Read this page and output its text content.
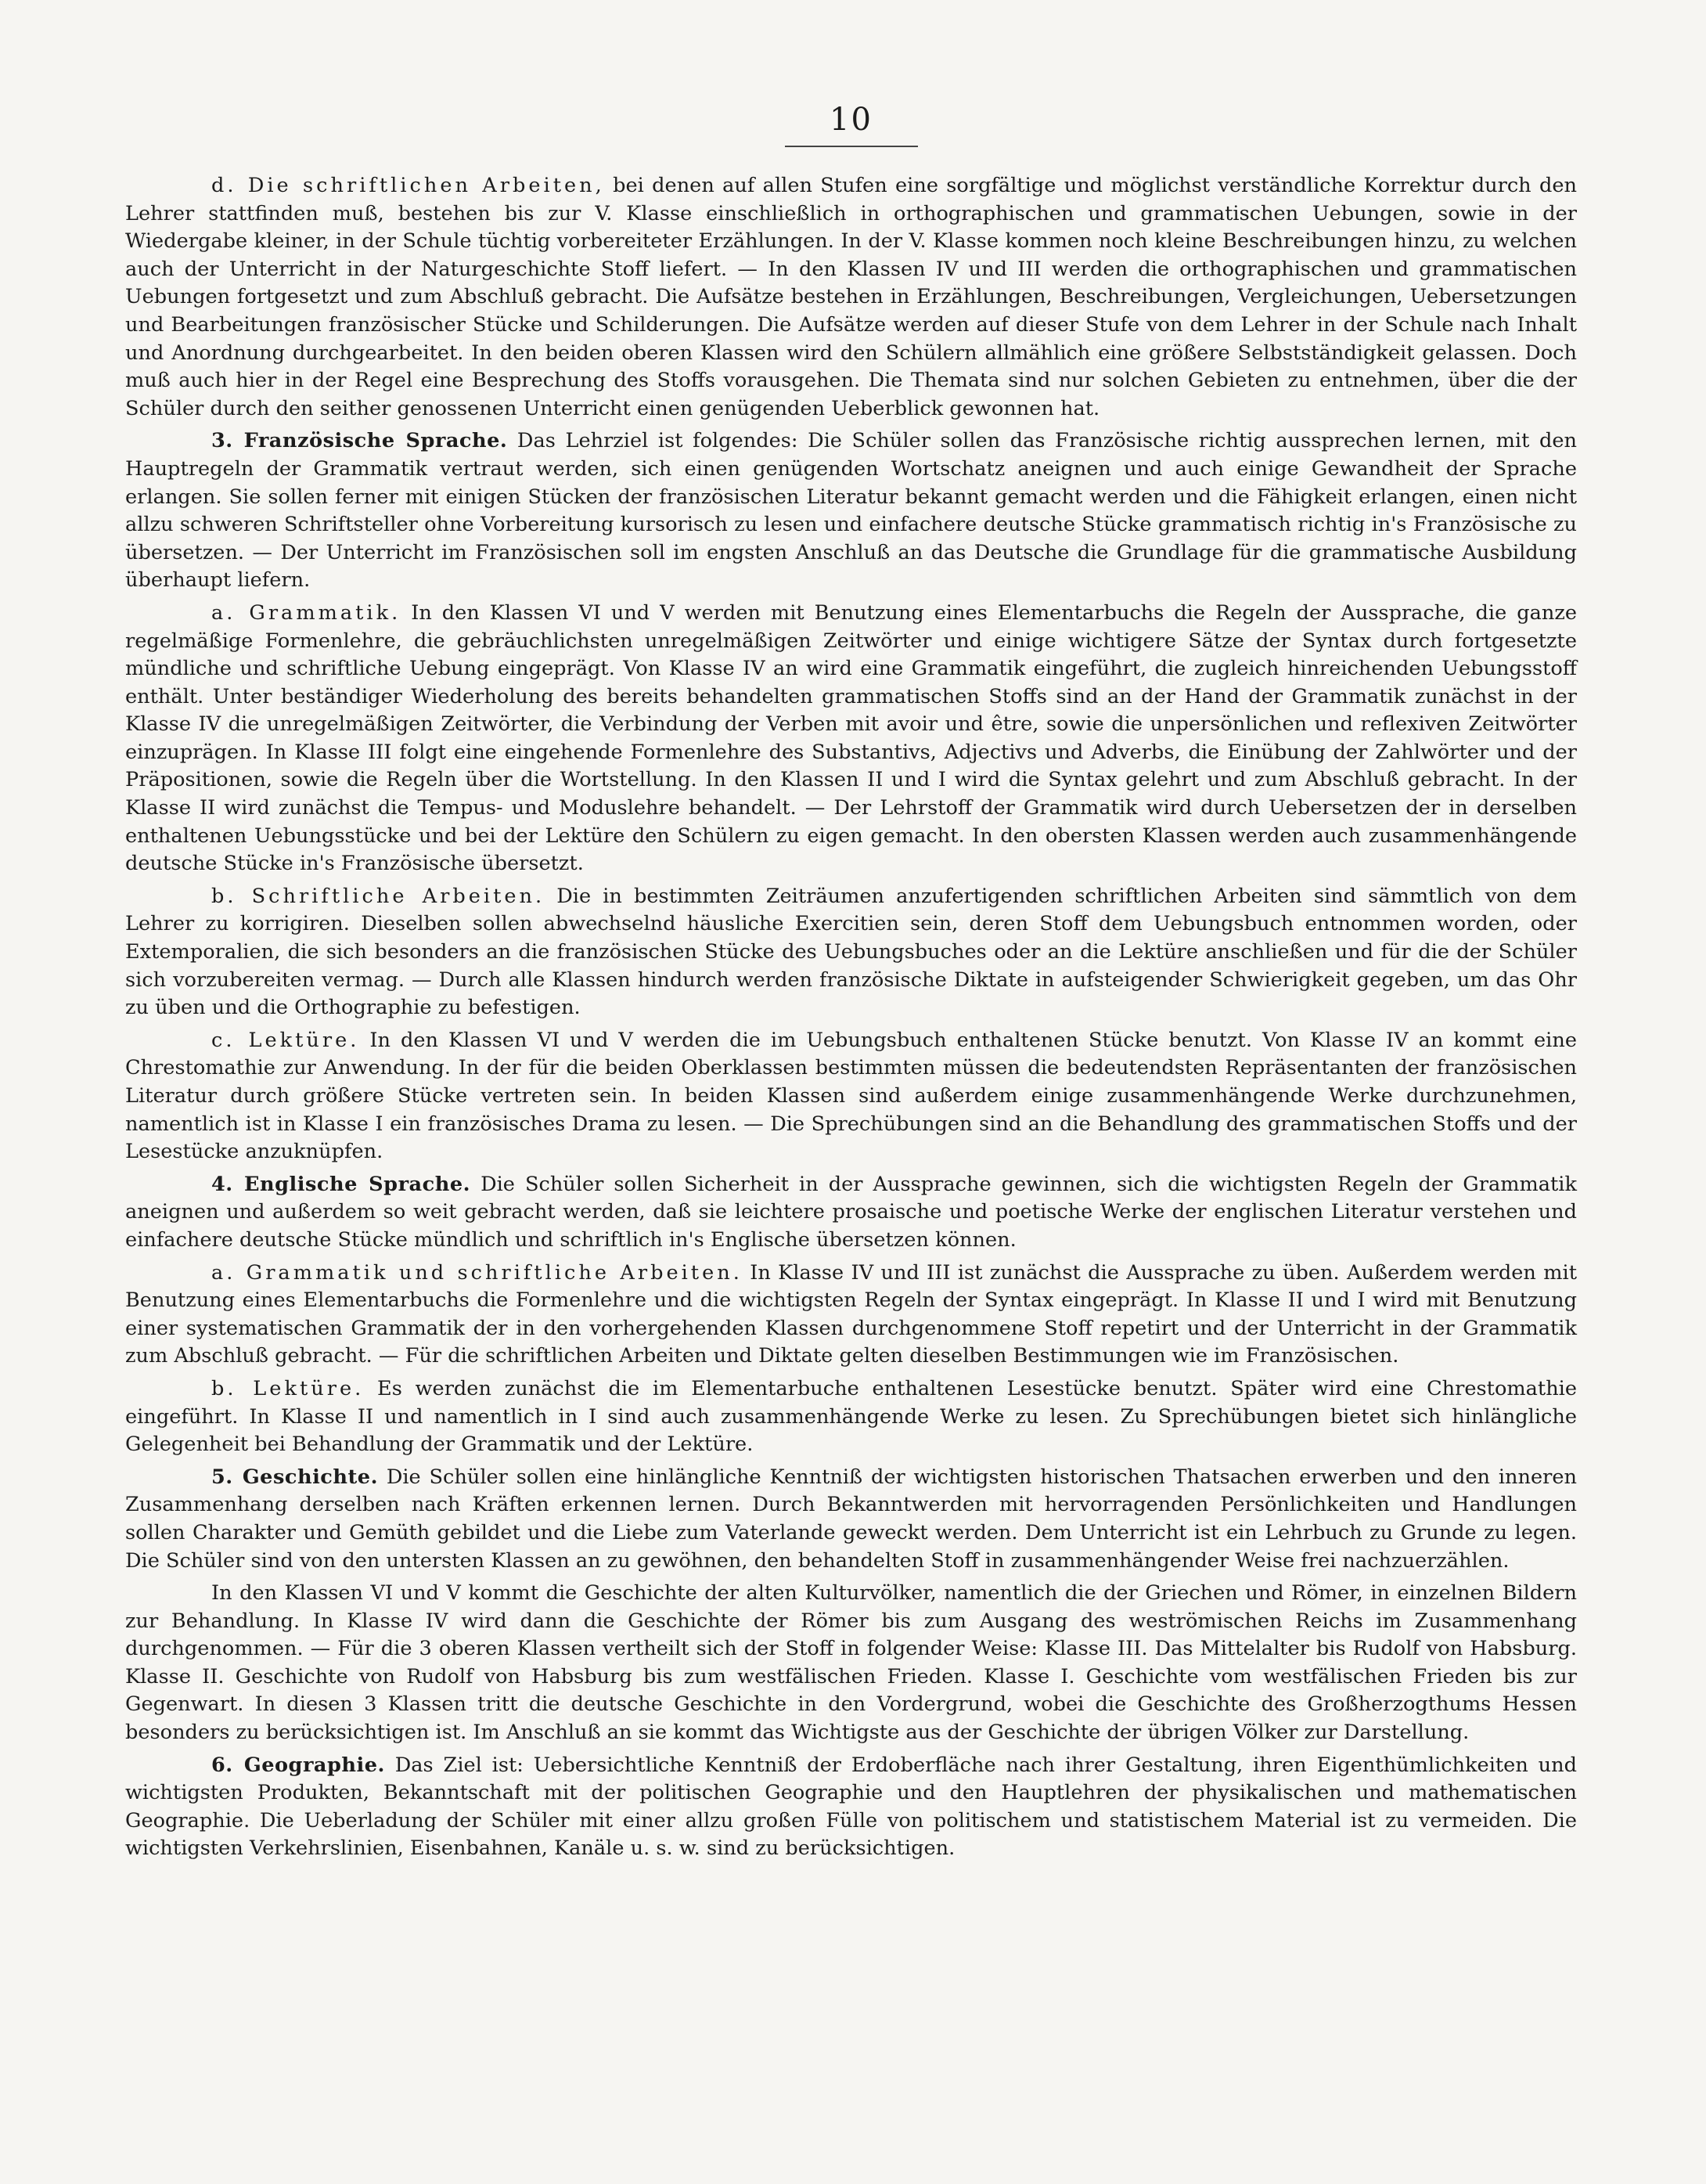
10

d. Die schriftlichen Arbeiten, bei denen auf allen Stufen eine sorgfältige und möglichst verständliche Korrektur durch den Lehrer stattfinden muß, bestehen bis zur V. Klasse einschließlich in orthographischen und grammatischen Uebungen, sowie in der Wiedergabe kleiner, in der Schule tüchtig vorbereiteter Erzählungen. In der V. Klasse kommen noch kleine Beschreibungen hinzu, zu welchen auch der Unterricht in der Naturgeschichte Stoff liefert. — In den Klassen IV und III werden die orthographischen und grammatischen Uebungen fortgesetzt und zum Abschluß gebracht. Die Aufsätze bestehen in Erzählungen, Beschreibungen, Vergleichungen, Uebersetzungen und Bearbeitungen französischer Stücke und Schilderungen. Die Aufsätze werden auf dieser Stufe von dem Lehrer in der Schule nach Inhalt und Anordnung durchgearbeitet. In den beiden oberen Klassen wird den Schülern allmählich eine größere Selbstständigkeit gelassen. Doch muß auch hier in der Regel eine Besprechung des Stoffs vorausgehen. Die Themata sind nur solchen Gebieten zu entnehmen, über die der Schüler durch den seither genossenen Unterricht einen genügenden Ueberblick gewonnen hat.

3. Französische Sprache. Das Lehrziel ist folgendes: Die Schüler sollen das Französische richtig aussprechen lernen, mit den Hauptregeln der Grammatik vertraut werden, sich einen genügenden Wortschatz aneignen und auch einige Gewandheit der Sprache erlangen. Sie sollen ferner mit einigen Stücken der französischen Literatur bekannt gemacht werden und die Fähigkeit erlangen, einen nicht allzu schweren Schriftsteller ohne Vorbereitung kursorisch zu lesen und einfachere deutsche Stücke grammatisch richtig in's Französische zu übersetzen. — Der Unterricht im Französischen soll im engsten Anschluß an das Deutsche die Grundlage für die grammatische Ausbildung überhaupt liefern.

a. Grammatik. In den Klassen VI und V werden mit Benutzung eines Elementarbuchs die Regeln der Aussprache, die ganze regelmäßige Formenlehre, die gebräuchlichsten unregelmäßigen Zeitwörter und einige wichtigere Sätze der Syntax durch fortgesetzte mündliche und schriftliche Uebung eingeprägt. Von Klasse IV an wird eine Grammatik eingeführt, die zugleich hinreichenden Uebungsstoff enthält. Unter beständiger Wiederholung des bereits behandelten grammatischen Stoffs sind an der Hand der Grammatik zunächst in der Klasse IV die unregelmäßigen Zeitwörter, die Verbindung der Verben mit avoir und être, sowie die unpersönlichen und reflexiven Zeitwörter einzuprägen. In Klasse III folgt eine eingehende Formenlehre des Substantivs, Adjectivs und Adverbs, die Einübung der Zahlwörter und der Präpositionen, sowie die Regeln über die Wortstellung. In den Klassen II und I wird die Syntax gelehrt und zum Abschluß gebracht. In der Klasse II wird zunächst die Tempus- und Moduslehre behandelt. — Der Lehrstoff der Grammatik wird durch Uebersetzen der in derselben enthaltenen Uebungsstücke und bei der Lektüre den Schülern zu eigen gemacht. In den obersten Klassen werden auch zusammenhängende deutsche Stücke in's Französische übersetzt.

b. Schriftliche Arbeiten. Die in bestimmten Zeiträumen anzufertigenden schriftlichen Arbeiten sind sämmtlich von dem Lehrer zu korrigiren. Dieselben sollen abwechselnd häusliche Exercitien sein, deren Stoff dem Uebungsbuch entnommen worden, oder Extemporalien, die sich besonders an die französischen Stücke des Uebungsbuches oder an die Lektüre anschließen und für die der Schüler sich vorzubereiten vermag. — Durch alle Klassen hindurch werden französische Diktate in aufsteigender Schwierigkeit gegeben, um das Ohr zu üben und die Orthographie zu befestigen.

c. Lektüre. In den Klassen VI und V werden die im Uebungsbuch enthaltenen Stücke benutzt. Von Klasse IV an kommt eine Chrestomathie zur Anwendung. In der für die beiden Oberklassen bestimmten müssen die bedeutendsten Repräsentanten der französischen Literatur durch größere Stücke vertreten sein. In beiden Klassen sind außerdem einige zusammenhängende Werke durchzunehmen, namentlich ist in Klasse I ein französisches Drama zu lesen. — Die Sprechübungen sind an die Behandlung des grammatischen Stoffs und der Lesestücke anzuknüpfen.

4. Englische Sprache. Die Schüler sollen Sicherheit in der Aussprache gewinnen, sich die wichtigsten Regeln der Grammatik aneignen und außerdem so weit gebracht werden, daß sie leichtere prosaische und poetische Werke der englischen Literatur verstehen und einfachere deutsche Stücke mündlich und schriftlich in's Englische übersetzen können.

a. Grammatik und schriftliche Arbeiten. In Klasse IV und III ist zunächst die Aussprache zu üben. Außerdem werden mit Benutzung eines Elementarbuchs die Formenlehre und die wichtigsten Regeln der Syntax eingeprägt. In Klasse II und I wird mit Benutzung einer systematischen Grammatik der in den vorhergehenden Klassen durchgenommene Stoff repetirt und der Unterricht in der Grammatik zum Abschluß gebracht. — Für die schriftlichen Arbeiten und Diktate gelten dieselben Bestimmungen wie im Französischen.

b. Lektüre. Es werden zunächst die im Elementarbuche enthaltenen Lesestücke benutzt. Später wird eine Chrestomathie eingeführt. In Klasse II und namentlich in I sind auch zusammenhängende Werke zu lesen. Zu Sprechübungen bietet sich hinlängliche Gelegenheit bei Behandlung der Grammatik und der Lektüre.

5. Geschichte. Die Schüler sollen eine hinlängliche Kenntniß der wichtigsten historischen Thatsachen erwerben und den inneren Zusammenhang derselben nach Kräften erkennen lernen. Durch Bekanntwerden mit hervorragenden Persönlichkeiten und Handlungen sollen Charakter und Gemüth gebildet und die Liebe zum Vaterlande geweckt werden. Dem Unterricht ist ein Lehrbuch zu Grunde zu legen. Die Schüler sind von den untersten Klassen an zu gewöhnen, den behandelten Stoff in zusammenhängender Weise frei nachzuerzählen.

In den Klassen VI und V kommt die Geschichte der alten Kulturvölker, namentlich die der Griechen und Römer, in einzelnen Bildern zur Behandlung. In Klasse IV wird dann die Geschichte der Römer bis zum Ausgang des weströmischen Reichs im Zusammenhang durchgenommen. — Für die 3 oberen Klassen vertheilt sich der Stoff in folgender Weise: Klasse III. Das Mittelalter bis Rudolf von Habsburg. Klasse II. Geschichte von Rudolf von Habsburg bis zum westfälischen Frieden. Klasse I. Geschichte vom westfälischen Frieden bis zur Gegenwart. In diesen 3 Klassen tritt die deutsche Geschichte in den Vordergrund, wobei die Geschichte des Großherzogthums Hessen besonders zu berücksichtigen ist. Im Anschluß an sie kommt das Wichtigste aus der Geschichte der übrigen Völker zur Darstellung.

6. Geographie. Das Ziel ist: Uebersichtliche Kenntniß der Erdoberfläche nach ihrer Gestaltung, ihren Eigenthümlichkeiten und wichtigsten Produkten, Bekanntschaft mit der politischen Geographie und den Hauptlehren der physikalischen und mathematischen Geographie. Die Ueberladung der Schüler mit einer allzu großen Fülle von politischem und statistischem Material ist zu vermeiden. Die wichtigsten Verkehrslinien, Eisenbahnen, Kanäle u. s. w. sind zu berücksichtigen.
